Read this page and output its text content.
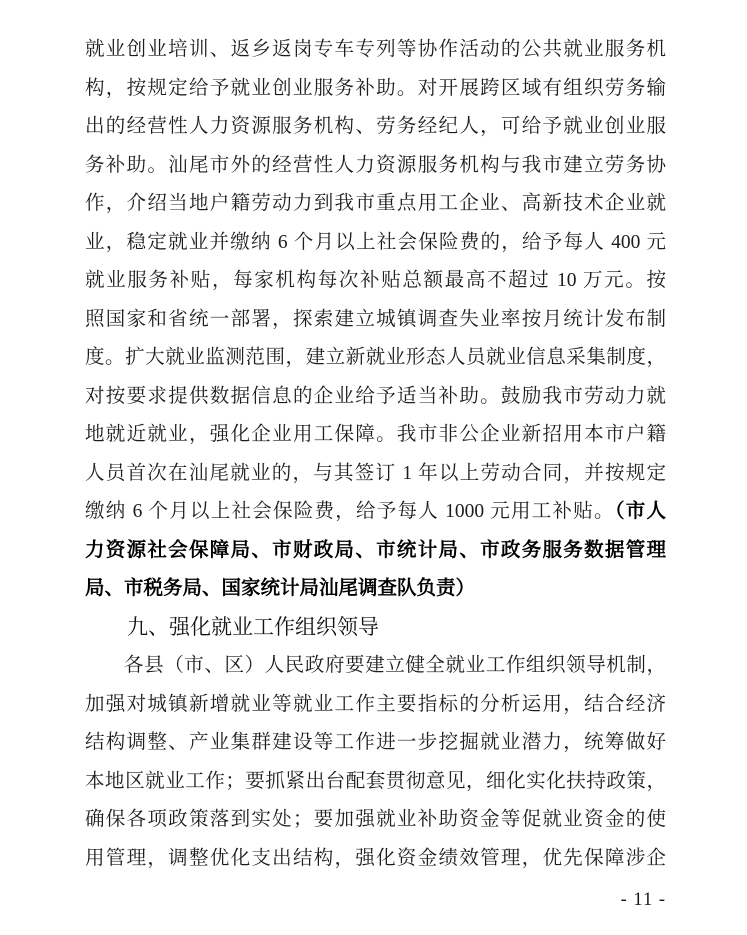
就业创业培训、返乡返岗专车专列等协作活动的公共就业服务机
构，按规定给予就业创业服务补助。对开展跨区域有组织劳务输
出的经营性人力资源服务机构、劳务经纪人，可给予就业创业服
务补助。汕尾市外的经营性人力资源服务机构与我市建立劳务协
作，介绍当地户籍劳动力到我市重点用工企业、高新技术企业就
业，稳定就业并缴纳 6 个月以上社会保险费的，给予每人 400 元
就业服务补贴，每家机构每次补贴总额最高不超过 10 万元。按
照国家和省统一部署，探索建立城镇调查失业率按月统计发布制
度。扩大就业监测范围，建立新就业形态人员就业信息采集制度，
对按要求提供数据信息的企业给予适当补助。鼓励我市劳动力就
地就近就业，强化企业用工保障。我市非公企业新招用本市户籍
人员首次在汕尾就业的，与其签订 1 年以上劳动合同，并按规定
缴纳 6 个月以上社会保险费，给予每人 1000 元用工补贴。（市人
力资源社会保障局、市财政局、市统计局、市政务服务数据管理
局、市税务局、国家统计局汕尾调查队负责）
九、强化就业工作组织领导
各县（市、区）人民政府要建立健全就业工作组织领导机制，
加强对城镇新增就业等就业工作主要指标的分析运用，结合经济
结构调整、产业集群建设等工作进一步挖掘就业潜力，统筹做好
本地区就业工作；要抓紧出台配套贯彻意见，细化实化扶持政策，
确保各项政策落到实处；要加强就业补助资金等促就业资金的使
用管理，调整优化支出结构，强化资金绩效管理，优先保障涉企
- 11 -
